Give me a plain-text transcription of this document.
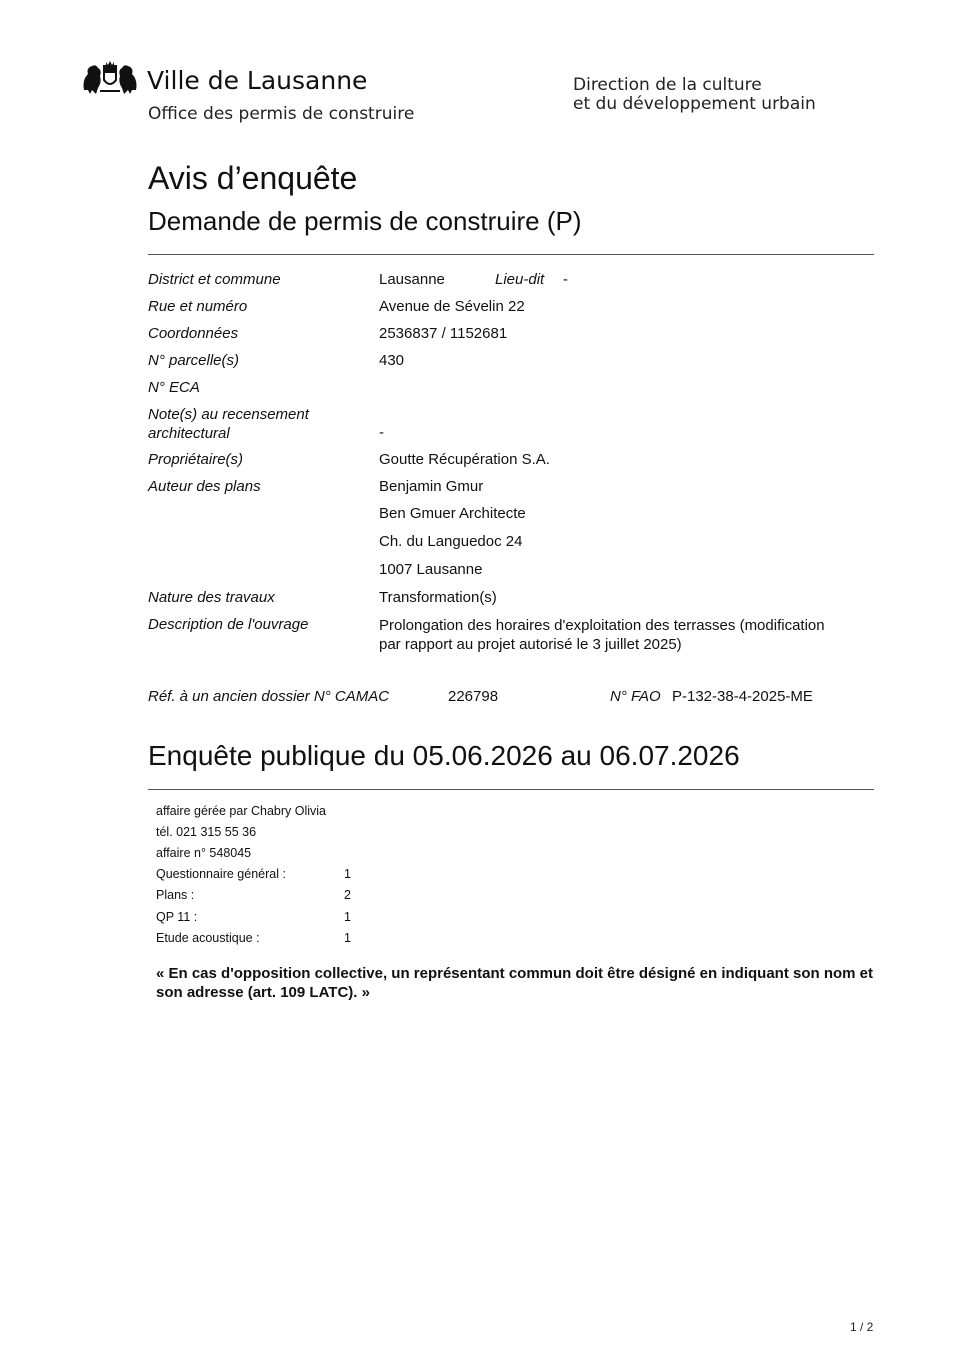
Ville de Lausanne
Office des permis de construire
Direction de la culture
et du développement urbain
Avis d’enquête
Demande de permis de construire (P)
District et commune	Lausanne	Lieu-dit -
Rue et numéro	Avenue de Sévelin 22
Coordonnées	2536837 / 1152681
N° parcelle(s)	430
N° ECA
Note(s) au recensement
architectural	-
Propriétaire(s)	Goutte Récupération S.A.
Auteur des plans	Benjamin Gmur
Ben Gmuer Architecte
Ch. du Languedoc 24
1007 Lausanne
Nature des travaux	Transformation(s)
Description de l'ouvrage	Prolongation des horaires d'exploitation des terrasses (modification
par rapport au projet autorisé le 3 juillet 2025)
Réf. à un ancien dossier N° CAMAC	226798	N° FAO P-132-38-4-2025-ME
Enquête publique du 05.06.2026 au 06.07.2026
affaire gérée par Chabry Olivia
tél. 021 315 55 36
affaire n° 548045
Questionnaire général :	1
Plans :	2
QP 11 :	1
Etude acoustique :	1
« En cas d'opposition collective, un représentant commun doit être désigné en indiquant son nom et son adresse (art. 109 LATC). »
1 / 2
